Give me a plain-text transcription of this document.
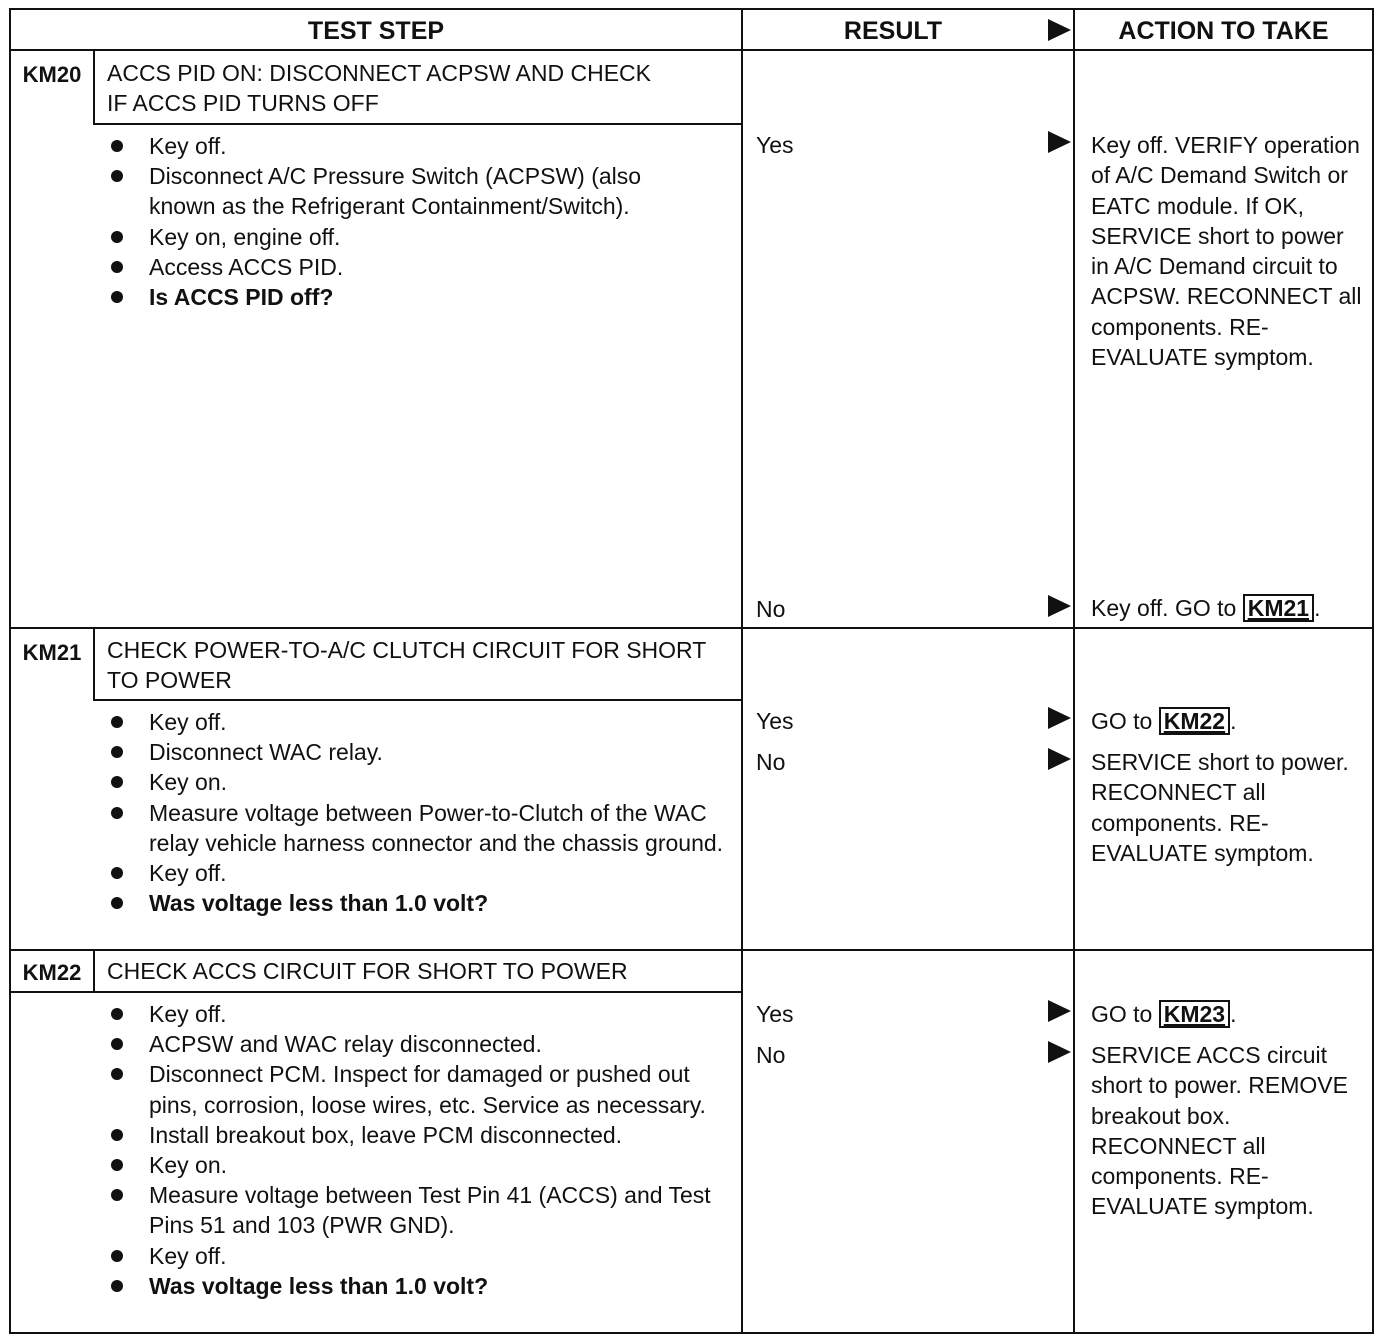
TEST STEP	RESULT	ACTION TO TAKE
KM20	ACCS PID ON: DISCONNECT ACPSW AND CHECK IF ACCS PID TURNS OFF
Key off.
Disconnect A/C Pressure Switch (ACPSW) (also known as the Refrigerant Containment/Switch).
Key on, engine off.
Access ACCS PID.
Is ACCS PID off?
Yes	Key off. VERIFY operation of A/C Demand Switch or EATC module. If OK, SERVICE short to power in A/C Demand circuit to ACPSW. RECONNECT all components. RE-EVALUATE symptom.
No	Key off. GO to KM21 .
KM21	CHECK POWER-TO-A/C CLUTCH CIRCUIT FOR SHORT TO POWER
Key off.
Disconnect WAC relay.
Key on.
Measure voltage between Power-to-Clutch of the WAC relay vehicle harness connector and the chassis ground.
Key off.
Was voltage less than 1.0 volt?
Yes	GO to KM22 .
No	SERVICE short to power. RECONNECT all components. RE-EVALUATE symptom.
KM22	CHECK ACCS CIRCUIT FOR SHORT TO POWER
Key off.
ACPSW and WAC relay disconnected.
Disconnect PCM. Inspect for damaged or pushed out pins, corrosion, loose wires, etc. Service as necessary.
Install breakout box, leave PCM disconnected.
Key on.
Measure voltage between Test Pin 41 (ACCS) and Test Pins 51 and 103 (PWR GND).
Key off.
Was voltage less than 1.0 volt?
Yes	GO to KM23 .
No	SERVICE ACCS circuit short to power. REMOVE breakout box. RECONNECT all components. RE-EVALUATE symptom.
